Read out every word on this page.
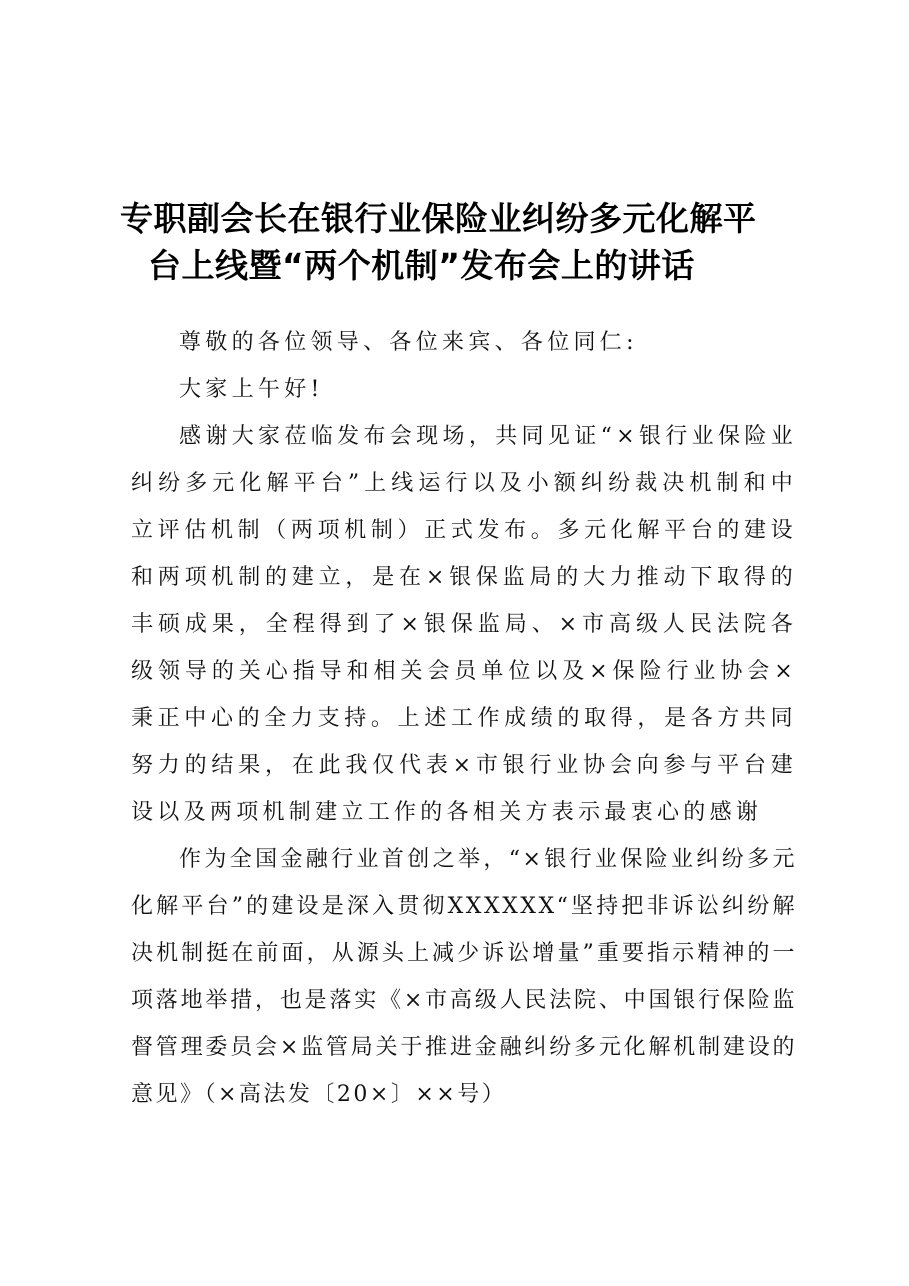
专职副会长在银行业保险业纠纷多元化解平
台上线暨“两个机制”发布会上的讲话

尊敬的各位领导、各位来宾、各位同仁:

大家上午好!

感谢大家莅临发布会现场，共同见证“×银行业保险业纠纷多元化解平台”上线运行以及小额纠纷裁决机制和中立评估机制（两项机制）正式发布。多元化解平台的建设和两项机制的建立，是在×银保监局的大力推动下取得的丰硕成果，全程得到了×银保监局、×市高级人民法院各级领导的关心指导和相关会员单位以及×保险行业协会×秉正中心的全力支持。上述工作成绩的取得，是各方共同努力的结果，在此我仅代表×市银行业协会向参与平台建设以及两项机制建立工作的各相关方表示最衷心的感谢

作为全国金融行业首创之举，“×银行业保险业纠纷多元化解平台”的建设是深入贯彻XXXXXX“坚持把非诉讼纠纷解决机制挺在前面，从源头上减少诉讼增量”重要指示精神的一项落地举措，也是落实《×市高级人民法院、中国银行保险监督管理委员会×监管局关于推进金融纠纷多元化解机制建设的意见》（×高法发〔20×〕××号）
